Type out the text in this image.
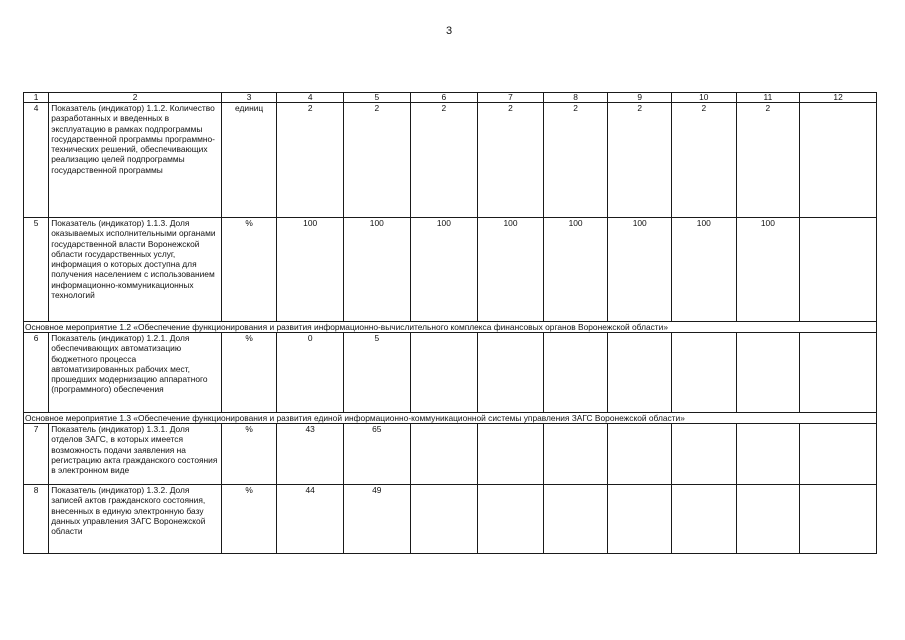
3
1	2	3	4	5	6	7	8	9	10	11	12
4	Показатель (индикатор) 1.1.2. Количество разработанных и введенных в эксплуатацию в рамках подпрограммы государственной программы программно-технических решений, обеспечивающих реализацию целей подпрограммы государственной программы	единиц	2	2	2	2	2	2	2	2	
5	Показатель (индикатор) 1.1.3. Доля оказываемых исполнительными органами государственной власти Воронежской области государственных услуг, информация о которых доступна для получения населением с использованием информационно-коммуникационных технологий	%	100	100	100	100	100	100	100	100	
Основное мероприятие 1.2 «Обеспечение функционирования и развития информационно-вычислительного комплекса финансовых органов Воронежской области»											
6	Показатель (индикатор) 1.2.1. Доля обеспечивающих автоматизацию бюджетного процесса автоматизированных рабочих мест, прошедших модернизацию аппаратного (программного) обеспечения	%	0	5							
Основное мероприятие 1.3 «Обеспечение функционирования и развития единой информационно-коммуникационной системы управления ЗАГС Воронежской области»											
7	Показатель (индикатор) 1.3.1. Доля отделов ЗАГС, в которых имеется возможность подачи заявления на регистрацию акта гражданского состояния в электронном виде	%	43	65							
8	Показатель (индикатор) 1.3.2. Доля записей актов гражданского состояния, внесенных в единую электронную базу данных управления ЗАГС Воронежской области	%	44	49							
